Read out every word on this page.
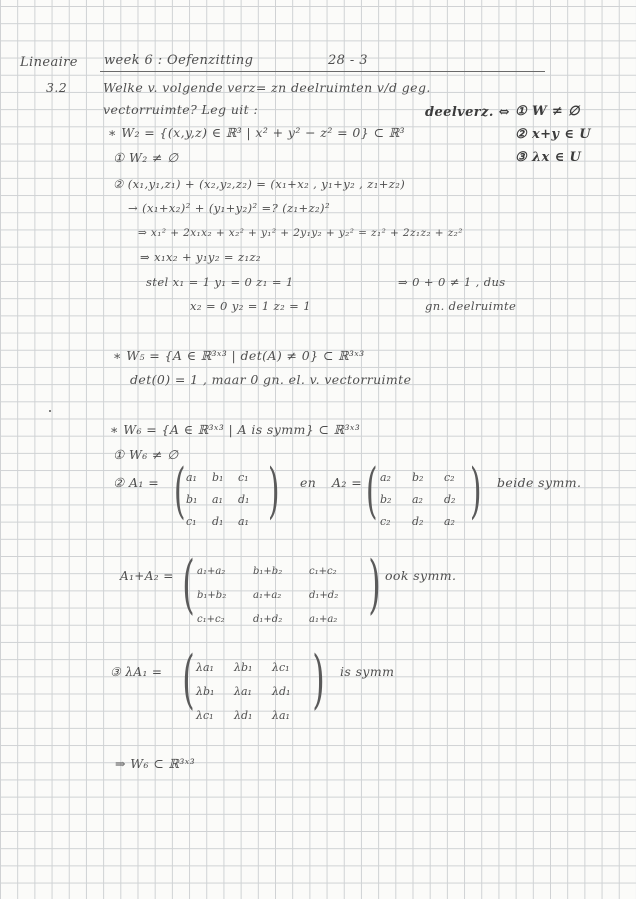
Lineaire week 6 : Oefenzitting	28 - 3
3.2	Welke v. volgende verz= zn deelruimten v/d geg.
vectorruimte? Leg uit :	deelverz. ⇔ ① W ≠ ∅
② x+y ∈ U
③ λx ∈ U
∗ W₂ = {(x,y,z) ∈ ℝ³ | x² + y² − z² = 0} ⊂ ℝ³
① W₂ ≠ ∅
② (x₁,y₁,z₁) + (x₂,y₂,z₂) = (x₁+x₂ , y₁+y₂ , z₁+z₂)
→ (x₁+x₂)² + (y₁+y₂)² =? (z₁+z₂)²
⇒ x₁² + 2x₁x₂ + x₂² + y₁² + 2y₁y₂ + y₂² = z₁² + 2z₁z₂ + z₂²
⇒ x₁x₂ + y₁y₂ = z₁z₂
stel x₁ = 1 y₁ = 0 z₁ = 1
x₂ = 0 y₂ = 1 z₂ = 1
⇒ 0 + 0 ≠ 1 , dus
gn. deelruimte
∗ W₅ = {A ∈ ℝ³ˣ³ | det(A) ≠ 0} ⊂ ℝ³ˣ³
det(0) = 1 , maar 0 gn. el. v. vectorruimte
∗ W₆ = {A ∈ ℝ³ˣ³ | A is symm} ⊂ ℝ³ˣ³
① W₆ ≠ ∅
② A₁ = ( )
a₁	b₁	c₁
b₁	a₁	d₁
c₁	d₁	a₁
en A₂ = ( )
a₂	b₂	c₂
b₂	a₂	d₂
c₂	d₂	a₂
beide symm.
A₁+A₂ = (	)
a₁+a₂	b₁+b₂	c₁+c₂
b₁+b₂	a₁+a₂	d₁+d₂
c₁+c₂	d₁+d₂	a₁+a₂
ook symm.
③ λA₁ = ( )
λa₁	λb₁	λc₁
λb₁	λa₁	λd₁
λc₁	λd₁	λa₁
is symm
⇒ W₆ ⊂ ℝ³ˣ³
